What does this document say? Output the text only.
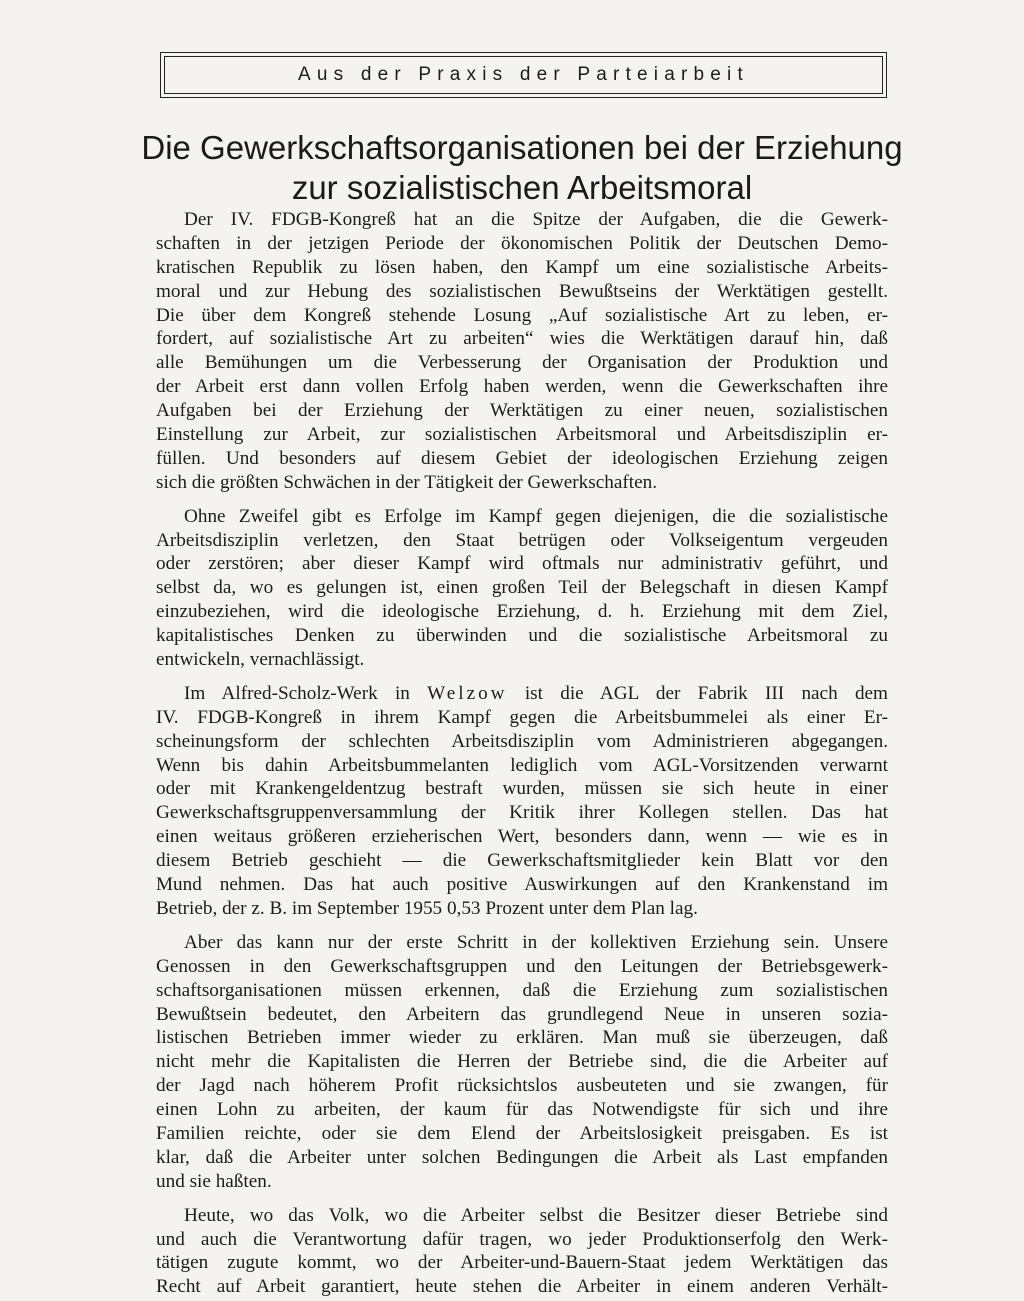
Aus der Praxis der Parteiarbeit
Die Gewerkschaftsorganisationen bei der Erziehung
zur sozialistischen Arbeitsmoral

Der IV. FDGB-Kongreß hat an die Spitze der Aufgaben, die die Gewerk-
schaften in der jetzigen Periode der ökonomischen Politik der Deutschen Demo-
kratischen Republik zu lösen haben, den Kampf um eine sozialistische Arbeits-
moral und zur Hebung des sozialistischen Bewußtseins der Werktätigen gestellt.
Die über dem Kongreß stehende Losung „Auf sozialistische Art zu leben, er-
fordert, auf sozialistische Art zu arbeiten“ wies die Werktätigen darauf hin, daß
alle Bemühungen um die Verbesserung der Organisation der Produktion und
der Arbeit erst dann vollen Erfolg haben werden, wenn die Gewerkschaften ihre
Aufgaben bei der Erziehung der Werktätigen zu einer neuen, sozialistischen
Einstellung zur Arbeit, zur sozialistischen Arbeitsmoral und Arbeitsdisziplin er-
füllen. Und besonders auf diesem Gebiet der ideologischen Erziehung zeigen
sich die größten Schwächen in der Tätigkeit der Gewerkschaften.

Ohne Zweifel gibt es Erfolge im Kampf gegen diejenigen, die die sozialistische
Arbeitsdisziplin verletzen, den Staat betrügen oder Volkseigentum vergeuden
oder zerstören; aber dieser Kampf wird oftmals nur administrativ geführt, und
selbst da, wo es gelungen ist, einen großen Teil der Belegschaft in diesen Kampf
einzubeziehen, wird die ideologische Erziehung, d. h. Erziehung mit dem Ziel,
kapitalistisches Denken zu überwinden und die sozialistische Arbeitsmoral zu
entwickeln, vernachlässigt.

Im Alfred-Scholz-Werk in Welzow ist die AGL der Fabrik III nach dem
IV. FDGB-Kongreß in ihrem Kampf gegen die Arbeitsbummelei als einer Er-
scheinungsform der schlechten Arbeitsdisziplin vom Administrieren abgegangen.
Wenn bis dahin Arbeitsbummelanten lediglich vom AGL-Vorsitzenden verwarnt
oder mit Krankengeldentzug bestraft wurden, müssen sie sich heute in einer
Gewerkschaftsgruppenversammlung der Kritik ihrer Kollegen stellen. Das hat
einen weitaus größeren erzieherischen Wert, besonders dann, wenn — wie es in
diesem Betrieb geschieht — die Gewerkschaftsmitglieder kein Blatt vor den
Mund nehmen. Das hat auch positive Auswirkungen auf den Krankenstand im
Betrieb, der z. B. im September 1955 0,53 Prozent unter dem Plan lag.

Aber das kann nur der erste Schritt in der kollektiven Erziehung sein. Unsere
Genossen in den Gewerkschaftsgruppen und den Leitungen der Betriebsgewerk-
schaftsorganisationen müssen erkennen, daß die Erziehung zum sozialistischen
Bewußtsein bedeutet, den Arbeitern das grundlegend Neue in unseren sozia-
listischen Betrieben immer wieder zu erklären. Man muß sie überzeugen, daß
nicht mehr die Kapitalisten die Herren der Betriebe sind, die die Arbeiter auf
der Jagd nach höherem Profit rücksichtslos ausbeuteten und sie zwangen, für
einen Lohn zu arbeiten, der kaum für das Notwendigste für sich und ihre
Familien reichte, oder sie dem Elend der Arbeitslosigkeit preisgaben. Es ist
klar, daß die Arbeiter unter solchen Bedingungen die Arbeit als Last empfanden
und sie haßten.

Heute, wo das Volk, wo die Arbeiter selbst die Besitzer dieser Betriebe sind
und auch die Verantwortung dafür tragen, wo jeder Produktionserfolg den Werk-
tätigen zugute kommt, wo der Arbeiter-und-Bauern-Staat jedem Werktätigen das
Recht auf Arbeit garantiert, heute stehen die Arbeiter in einem anderen Verhält-
